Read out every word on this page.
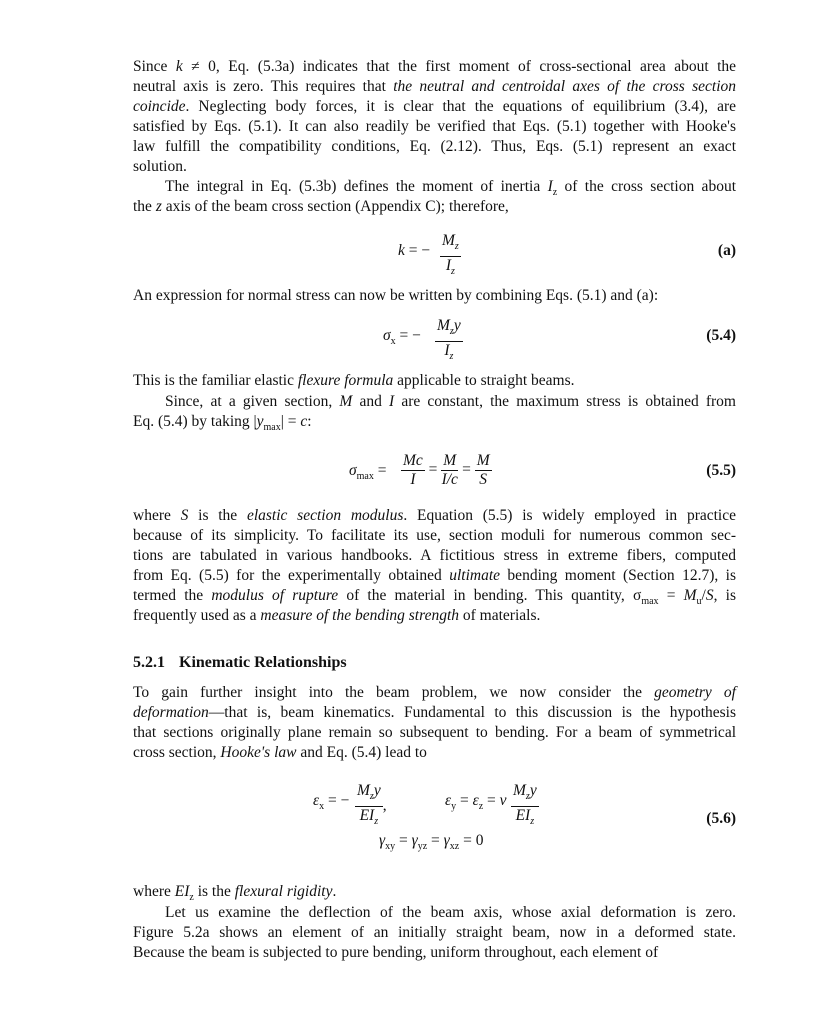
Since k ≠ 0, Eq. (5.3a) indicates that the first moment of cross-sectional area about the
neutral axis is zero. This requires that the neutral and centroidal axes of the cross section
coincide. Neglecting body forces, it is clear that the equations of equilibrium (3.4), are
satisfied by Eqs. (5.1). It can also readily be verified that Eqs. (5.1) together with Hooke's
law fulfill the compatibility conditions, Eq. (2.12). Thus, Eqs. (5.1) represent an exact
solution.
The integral in Eq. (5.3b) defines the moment of inertia $I_z$ of the cross section about
the z axis of the beam cross section (Appendix C); therefore,
An expression for normal stress can now be written by combining Eqs. (5.1) and (a):
This is the familiar elastic flexure formula applicable to straight beams.
Since, at a given section, M and I are constant, the maximum stress is obtained from
Eq. (5.4) by taking $|y_{max}| = c$:
where S is the elastic section modulus. Equation (5.5) is widely employed in practice
because of its simplicity. To facilitate its use, section moduli for numerous common sec-
tions are tabulated in various handbooks. A fictitious stress in extreme fibers, computed
from Eq. (5.5) for the experimentally obtained ultimate bending moment (Section 12.7), is
termed the modulus of rupture of the material in bending. This quantity, $\sigma_{max} = M_u/S$, is
frequently used as a measure of the bending strength of materials.
To gain further insight into the beam problem, we now consider the geometry of
deformation—that is, beam kinematics. Fundamental to this discussion is the hypothesis
that sections originally plane remain so subsequent to bending. For a beam of symmetrical
cross section, Hooke's law and Eq. (5.4) lead to
where $EI_z$ is the flexural rigidity.
Let us examine the deflection of the beam axis, whose axial deformation is zero.
Figure 5.2a shows an element of an initially straight beam, now in a deformed state.
Because the beam is subjected to pure bending, uniform throughout, each element of
k = − $\frac{M_z}{I_z}$	(a)
$\sigma_x$ = − $\frac{M_zy}{I_z}$	(5.4)
$\sigma_{max} = \frac{Mc}{I} = \frac{M}{I/c} = \frac{M}{S}$	(5.5)
5.2.1 Kinematic Relationships
$\varepsilon_x$ = − $\frac{M_zy}{EI_z}$ ,	$\varepsilon_y = \varepsilon_z = \nu \frac{M_zy}{EI_z}$
$\gamma_{xy} = \gamma_{yz} = \gamma_{xz} = 0$
(5.6)
